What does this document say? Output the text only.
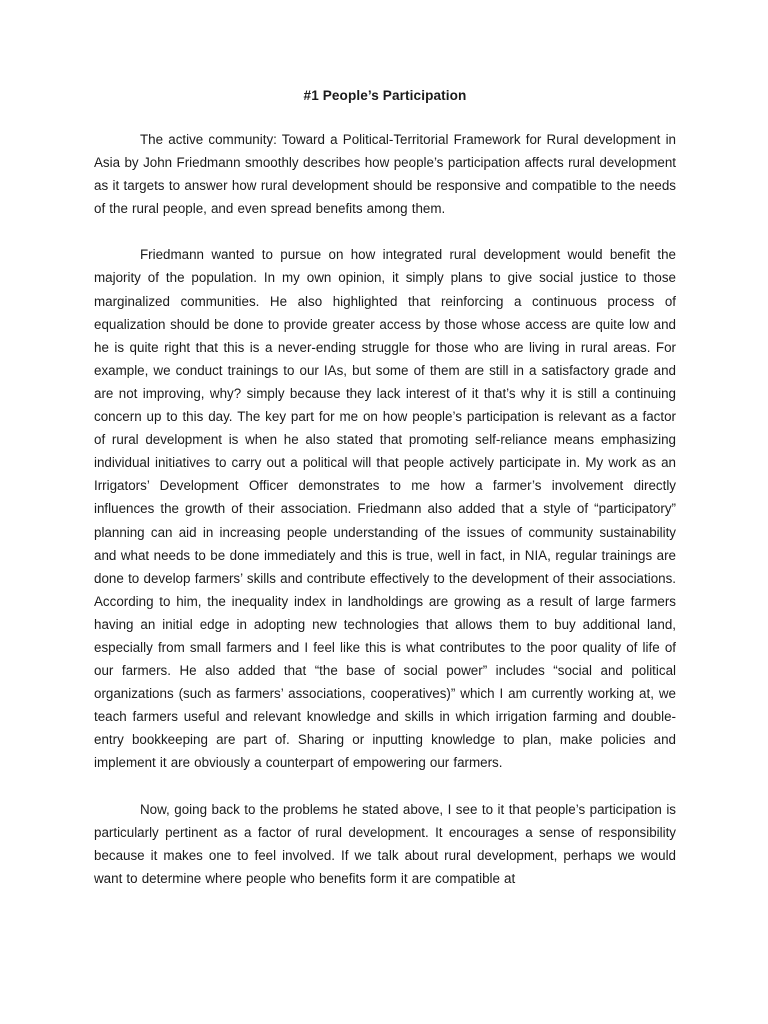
#1 People’s Participation

The active community: Toward a Political-Territorial Framework for Rural development in Asia by John Friedmann smoothly describes how people’s participation affects rural development as it targets to answer how rural development should be responsive and compatible to the needs of the rural people, and even spread benefits among them.

Friedmann wanted to pursue on how integrated rural development would benefit the majority of the population. In my own opinion, it simply plans to give social justice to those marginalized communities. He also highlighted that reinforcing a continuous process of equalization should be done to provide greater access by those whose access are quite low and he is quite right that this is a never-ending struggle for those who are living in rural areas. For example, we conduct trainings to our IAs, but some of them are still in a satisfactory grade and are not improving, why? simply because they lack interest of it that’s why it is still a continuing concern up to this day. The key part for me on how people’s participation is relevant as a factor of rural development is when he also stated that promoting self-reliance means emphasizing individual initiatives to carry out a political will that people actively participate in. My work as an Irrigators’ Development Officer demonstrates to me how a farmer’s involvement directly influences the growth of their association. Friedmann also added that a style of “participatory” planning can aid in increasing people understanding of the issues of community sustainability and what needs to be done immediately and this is true, well in fact, in NIA, regular trainings are done to develop farmers’ skills and contribute effectively to the development of their associations. According to him, the inequality index in landholdings are growing as a result of large farmers having an initial edge in adopting new technologies that allows them to buy additional land, especially from small farmers and I feel like this is what contributes to the poor quality of life of our farmers. He also added that “the base of social power” includes “social and political organizations (such as farmers’ associations, cooperatives)” which I am currently working at, we teach farmers useful and relevant knowledge and skills in which irrigation farming and double-entry bookkeeping are part of. Sharing or inputting knowledge to plan, make policies and implement it are obviously a counterpart of empowering our farmers.

Now, going back to the problems he stated above, I see to it that people’s participation is particularly pertinent as a factor of rural development. It encourages a sense of responsibility because it makes one to feel involved. If we talk about rural development, perhaps we would want to determine where people who benefits form it are compatible at
